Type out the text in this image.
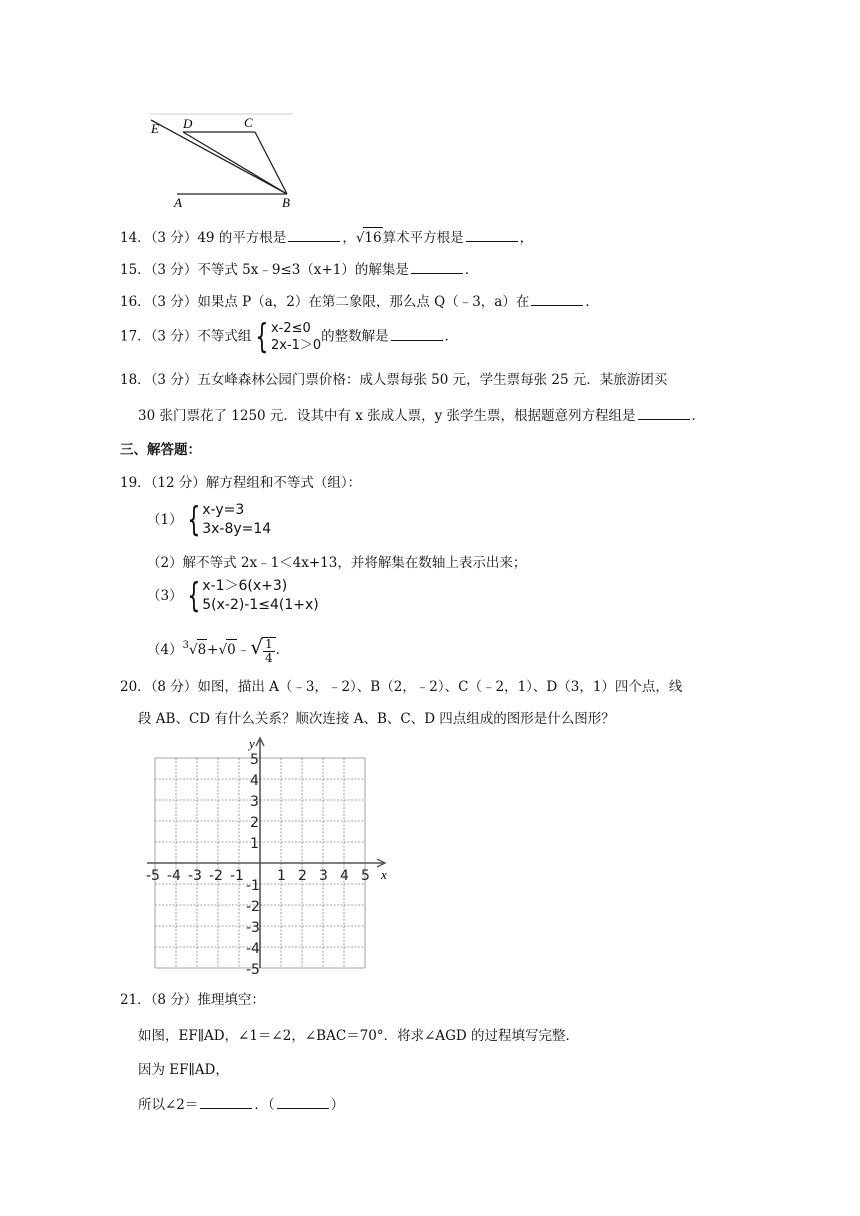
E D	C
A	B
14．（3 分）49 的平方根是	，√16算术平方根是	，
15．（3 分）不等式 5x﹣9≤3（x+1）的解集是	．
16．（3 分）如果点 P（a，2）在第二象限，那么点 Q（﹣3，a）在	．
17．（3 分）不等式组 { x-2≤0
2x-1＞0
的整数解是	．
18．（3 分）五女峰森林公园门票价格：成人票每张 50 元，学生票每张 25 元．某旅游团买
30 张门票花了 1250 元．设其中有 x 张成人票，y 张学生票，根据题意列方程组是	．
三、解答题：
19．（12 分）解方程组和不等式（组）：
（1） { x-y=3
3x-8y=14
（2）解不等式 2x﹣1＜4x+13，并将解集在数轴上表示出来；
（3） { x-1＞6(x+3)
5(x-2)-1≤4(1+x)
$(4)^3√8+√0﹣√ \frac{1}{4}$ .
20．（8 分）如图，描出 A（﹣3，﹣2）、B（2，﹣2）、C（﹣2，1）、D（3，1）四个点，线
段 AB、CD 有什么关系？顺次连接 A、B、C、D 四点组成的图形是什么图形？
x
y
-5 -4 -3 -2 -1 1 2 3 4 5
5
4
3
2
1
-1
-2
-3
-4
-5
21．（8 分）推理填空：
如图，EF∥AD，∠1＝∠2，∠BAC＝70°．将求∠AGD 的过程填写完整．
因为 EF∥AD，
所以∠2＝	．（	）
